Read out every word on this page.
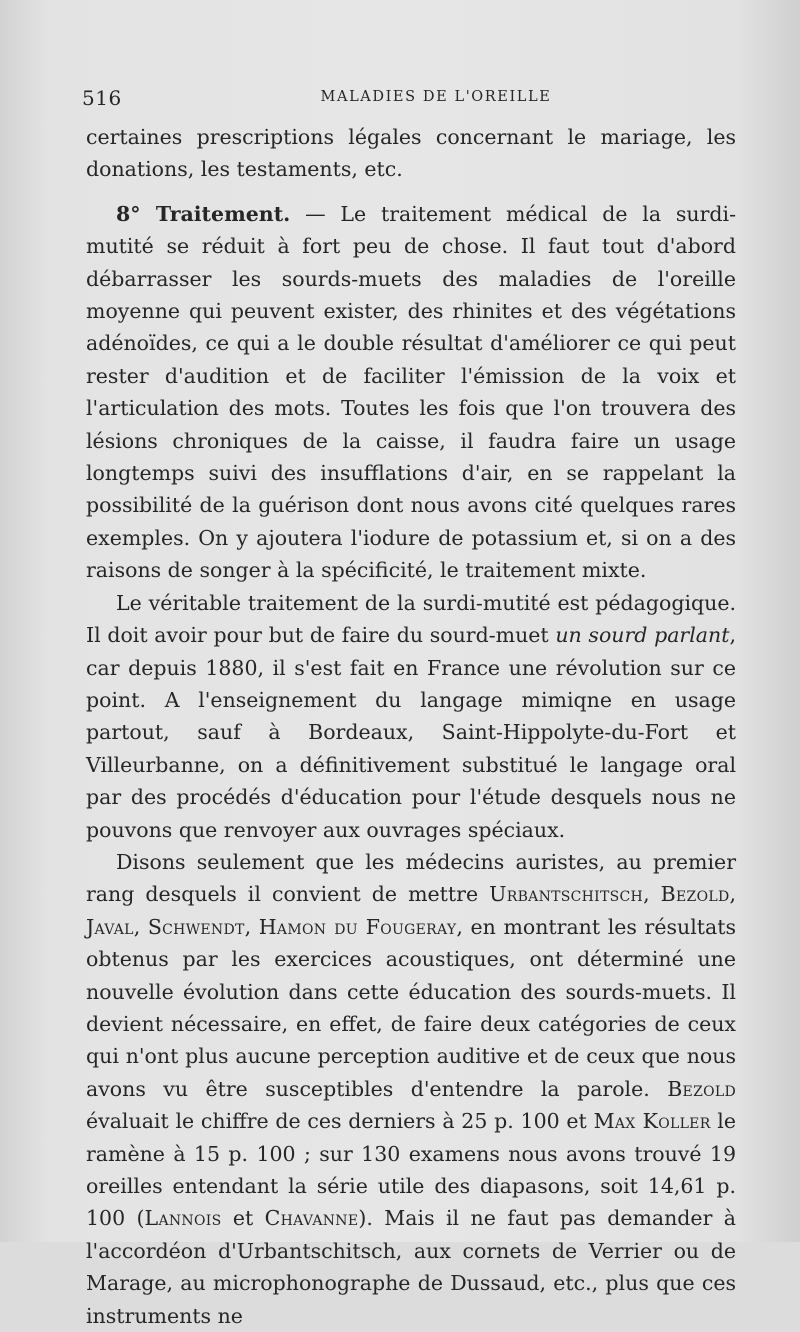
516	MALADIES DE L'OREILLE

certaines prescriptions légales concernant le mariage, les donations, les testaments, etc.

8° Traitement. — Le traitement médical de la surdi-mutité se réduit à fort peu de chose. Il faut tout d'abord débarrasser les sourds-muets des maladies de l'oreille moyenne qui peuvent exister, des rhinites et des végétations adénoïdes, ce qui a le double résultat d'améliorer ce qui peut rester d'audition et de faciliter l'émission de la voix et l'articulation des mots. Toutes les fois que l'on trouvera des lésions chroniques de la caisse, il faudra faire un usage longtemps suivi des insufflations d'air, en se rappelant la possibilité de la guérison dont nous avons cité quelques rares exemples. On y ajoutera l'iodure de potassium et, si on a des raisons de songer à la spécificité, le traitement mixte.

Le véritable traitement de la surdi-mutité est pédagogique. Il doit avoir pour but de faire du sourd-muet un sourd parlant, car depuis 1880, il s'est fait en France une révolution sur ce point. A l'enseignement du langage mimiqne en usage partout, sauf à Bordeaux, Saint-Hippolyte-du-Fort et Villeurbanne, on a définitivement substitué le langage oral par des procédés d'éducation pour l'étude desquels nous ne pouvons que renvoyer aux ouvrages spéciaux.

Disons seulement que les médecins auristes, au premier rang desquels il convient de mettre Urbantschitsch, Bezold, Javal, Schwendt, Hamon du Fougeray, en montrant les résultats obtenus par les exercices acoustiques, ont déterminé une nouvelle évolution dans cette éducation des sourds-muets. Il devient nécessaire, en effet, de faire deux catégories de ceux qui n'ont plus aucune perception auditive et de ceux que nous avons vu être susceptibles d'entendre la parole. Bezold évaluait le chiffre de ces derniers à 25 p. 100 et Max Koller le ramène à 15 p. 100 ; sur 130 examens nous avons trouvé 19 oreilles entendant la série utile des diapasons, soit 14,61 p. 100 (Lannois et Chavanne). Mais il ne faut pas demander à l'accordéon d'Urbantschitsch, aux cornets de Verrier ou de Marage, au microphonographe de Dussaud, etc., plus que ces instruments ne
